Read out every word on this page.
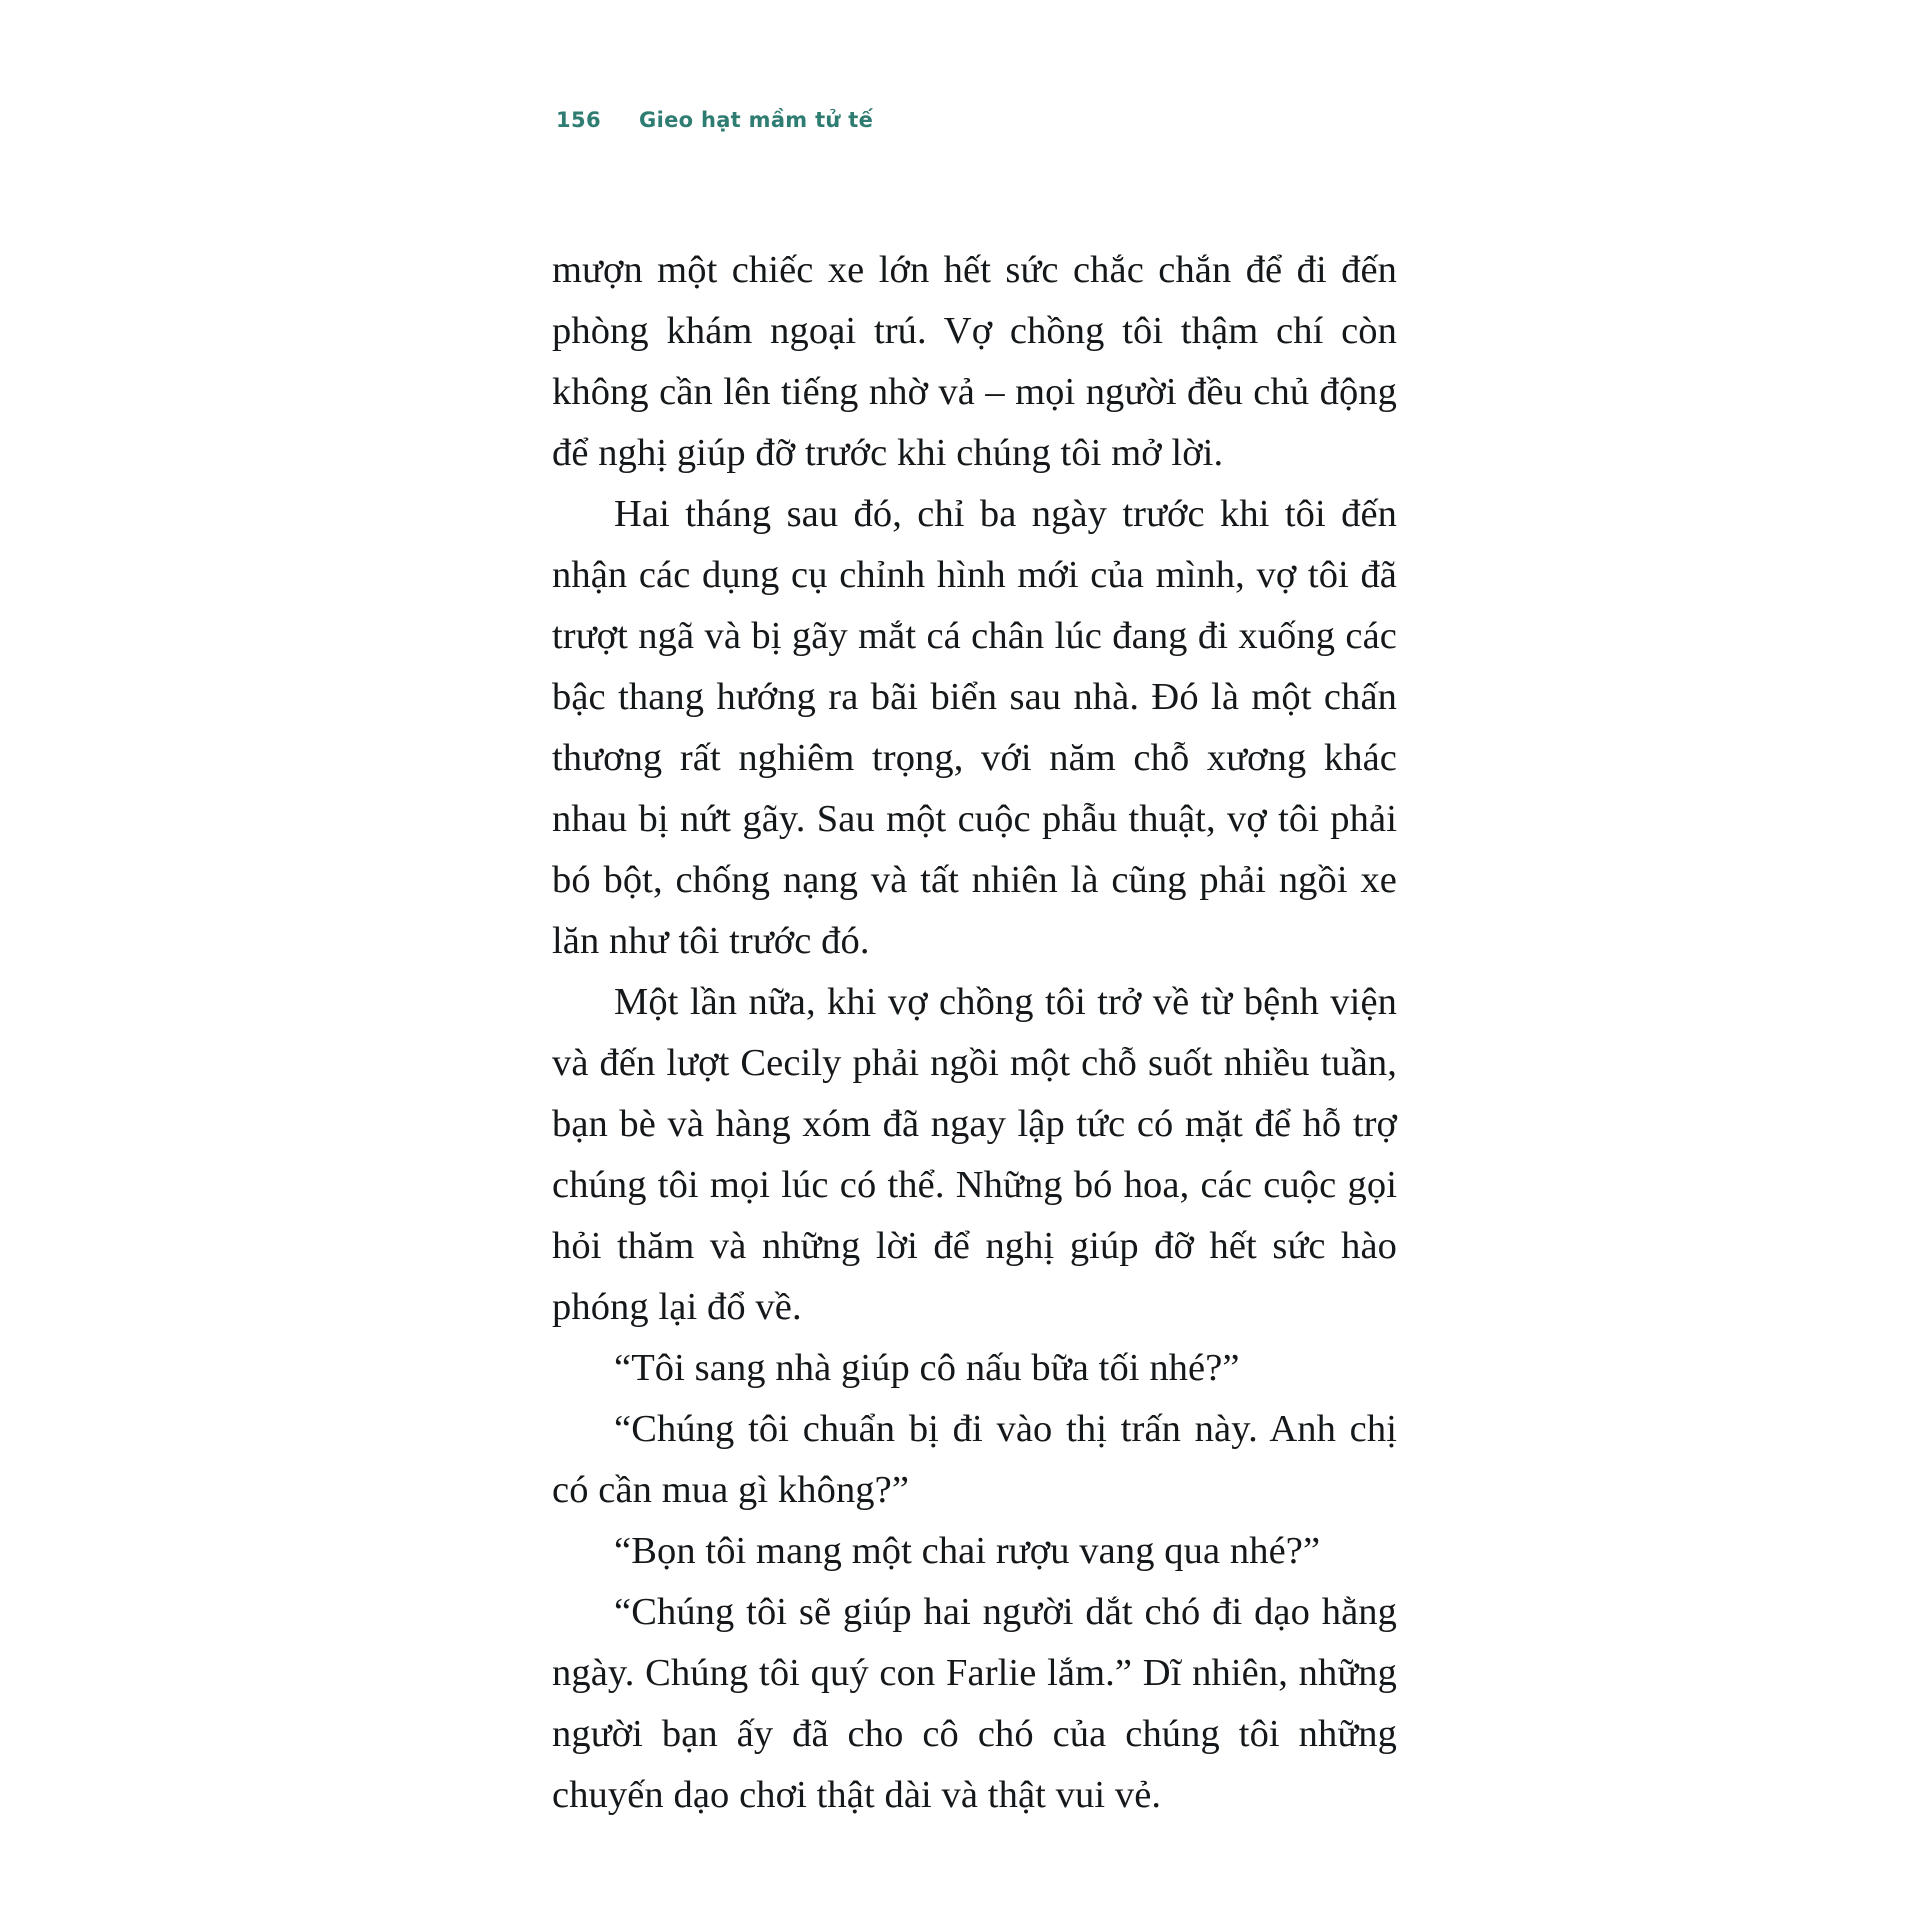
156 Gieo hạt mầm tử tế

mượn một chiếc xe lớn hết sức chắc chắn để đi đến phòng khám ngoại trú. Vợ chồng tôi thậm chí còn không cần lên tiếng nhờ vả – mọi người đều chủ động để nghị giúp đỡ trước khi chúng tôi mở lời.

Hai tháng sau đó, chỉ ba ngày trước khi tôi đến nhận các dụng cụ chỉnh hình mới của mình, vợ tôi đã trượt ngã và bị gãy mắt cá chân lúc đang đi xuống các bậc thang hướng ra bãi biển sau nhà. Đó là một chấn thương rất nghiêm trọng, với năm chỗ xương khác nhau bị nứt gãy. Sau một cuộc phẫu thuật, vợ tôi phải bó bột, chống nạng và tất nhiên là cũng phải ngồi xe lăn như tôi trước đó.

Một lần nữa, khi vợ chồng tôi trở về từ bệnh viện và đến lượt Cecily phải ngồi một chỗ suốt nhiều tuần, bạn bè và hàng xóm đã ngay lập tức có mặt để hỗ trợ chúng tôi mọi lúc có thể. Những bó hoa, các cuộc gọi hỏi thăm và những lời để nghị giúp đỡ hết sức hào phóng lại đổ về.

“Tôi sang nhà giúp cô nấu bữa tối nhé?”

“Chúng tôi chuẩn bị đi vào thị trấn này. Anh chị có cần mua gì không?”

“Bọn tôi mang một chai rượu vang qua nhé?”

“Chúng tôi sẽ giúp hai người dắt chó đi dạo hằng ngày. Chúng tôi quý con Farlie lắm.” Dĩ nhiên, những người bạn ấy đã cho cô chó của chúng tôi những chuyến dạo chơi thật dài và thật vui vẻ.
